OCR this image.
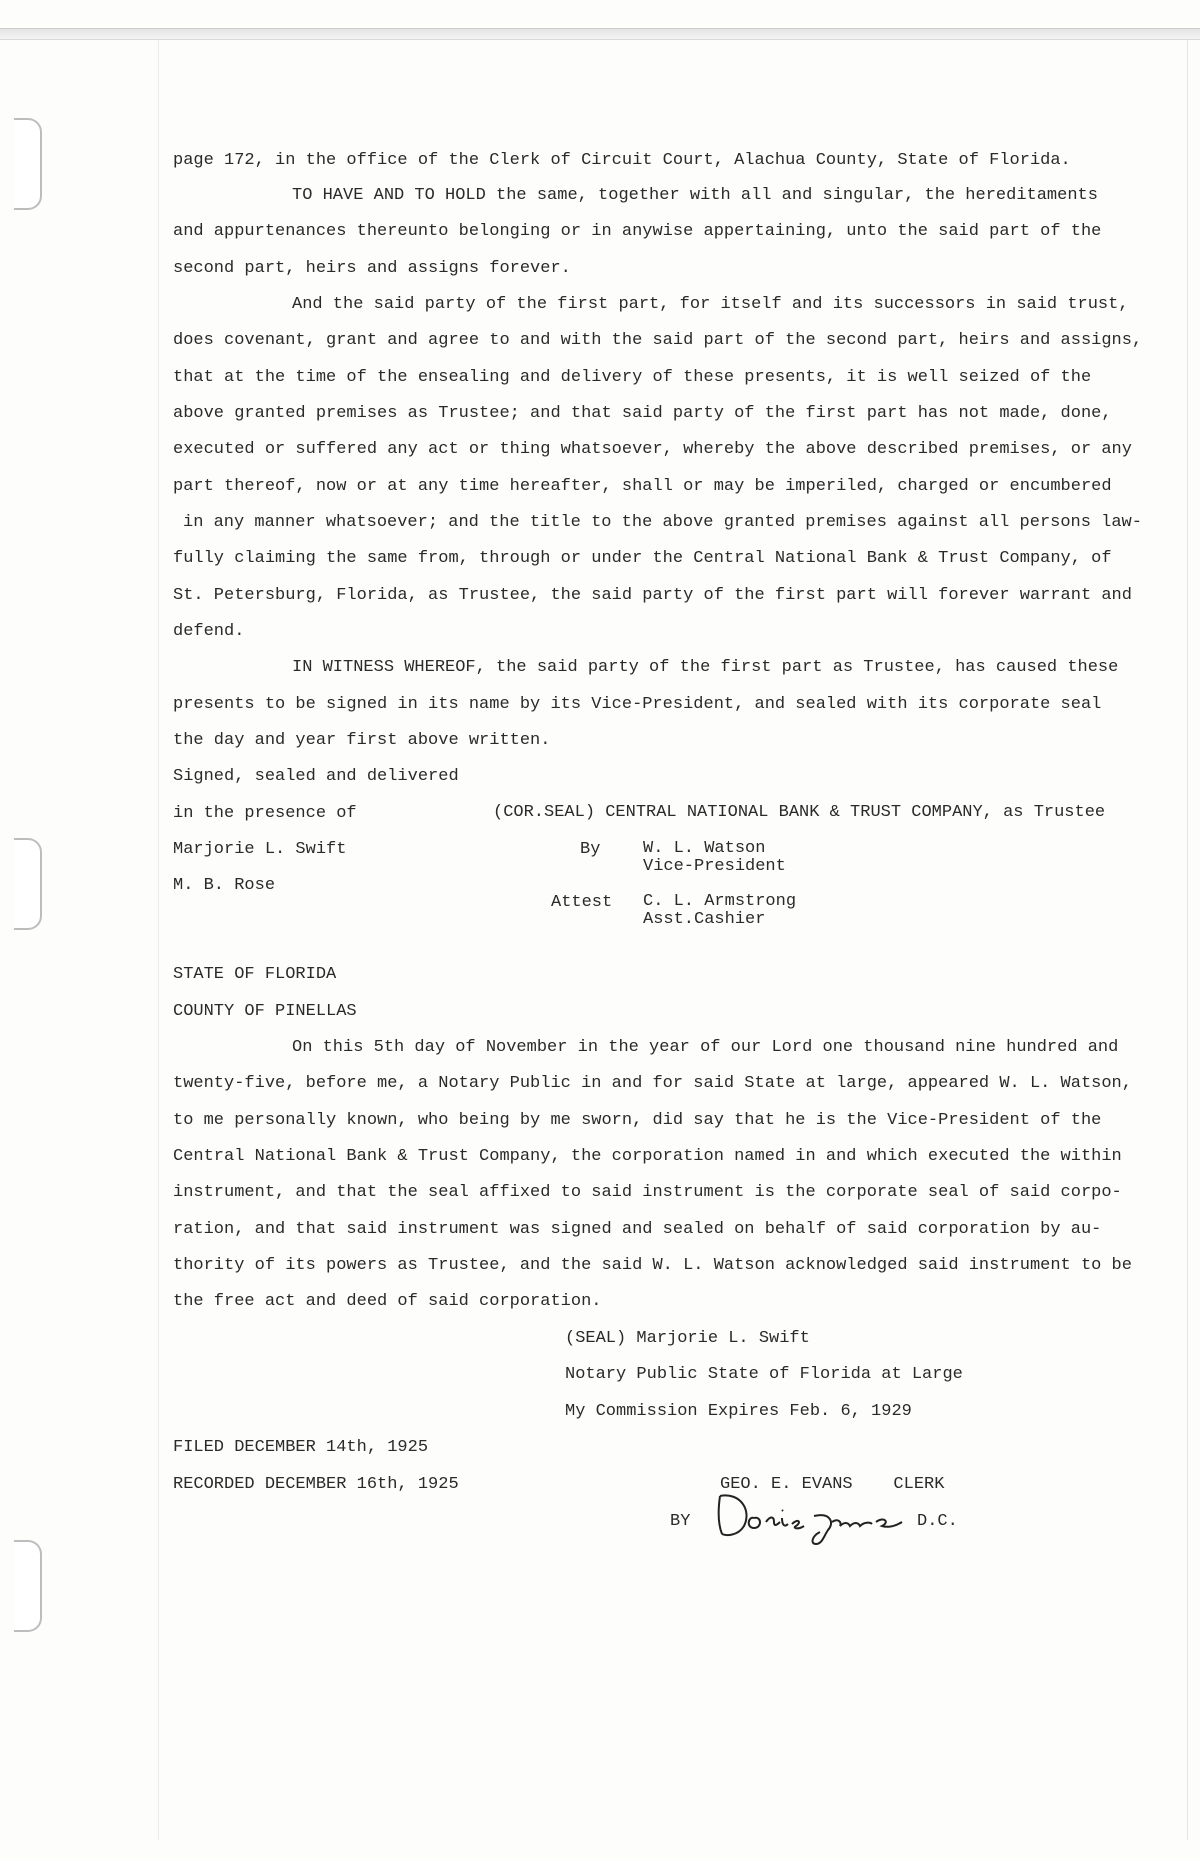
page 172, in the office of the Clerk of Circuit Court, Alachua County, State of Florida.
TO HAVE AND TO HOLD the same, together with all and singular, the hereditaments
and appurtenances thereunto belonging or in anywise appertaining, unto the said part of the
second part, heirs and assigns forever.
And the said party of the first part, for itself and its successors in said trust,
does covenant, grant and agree to and with the said part of the second part, heirs and assigns,
that at the time of the ensealing and delivery of these presents, it is well seized of the
above granted premises as Trustee; and that said party of the first part has not made, done,
executed or suffered any act or thing whatsoever, whereby the above described premises, or any
part thereof, now or at any time hereafter, shall or may be imperiled, charged or encumbered
in any manner whatsoever; and the title to the above granted premises against all persons law-
fully claiming the same from, through or under the Central National Bank & Trust Company, of
St. Petersburg, Florida, as Trustee, the said party of the first part will forever warrant and
defend.
IN WITNESS WHEREOF, the said party of the first part as Trustee, has caused these
presents to be signed in its name by its Vice-President, and sealed with its corporate seal
the day and year first above written.
Signed, sealed and delivered
in the presence of	(COR.SEAL) CENTRAL NATIONAL BANK & TRUST COMPANY, as Trustee
Marjorie L. Swift
M. B. Rose
By	W. L. Watson
Vice-President
Attest C. L. Armstrong
Asst.Cashier
STATE OF FLORIDA
COUNTY OF PINELLAS
On this 5th day of November in the year of our Lord one thousand nine hundred and
twenty-five, before me, a Notary Public in and for said State at large, appeared W. L. Watson,
to me personally known, who being by me sworn, did say that he is the Vice-President of the
Central National Bank & Trust Company, the corporation named in and which executed the within
instrument, and that the seal affixed to said instrument is the corporate seal of said corpo-
ration, and that said instrument was signed and sealed on behalf of said corporation by au-
thority of its powers as Trustee, and the said W. L. Watson acknowledged said instrument to be
the free act and deed of said corporation.
(SEAL) Marjorie L. Swift
Notary Public State of Florida at Large
My Commission Expires Feb. 6, 1929
FILED DECEMBER 14th, 1925
RECORDED DECEMBER 16th, 1925	GEO. E. EVANS    CLERK
BY	D.C.
